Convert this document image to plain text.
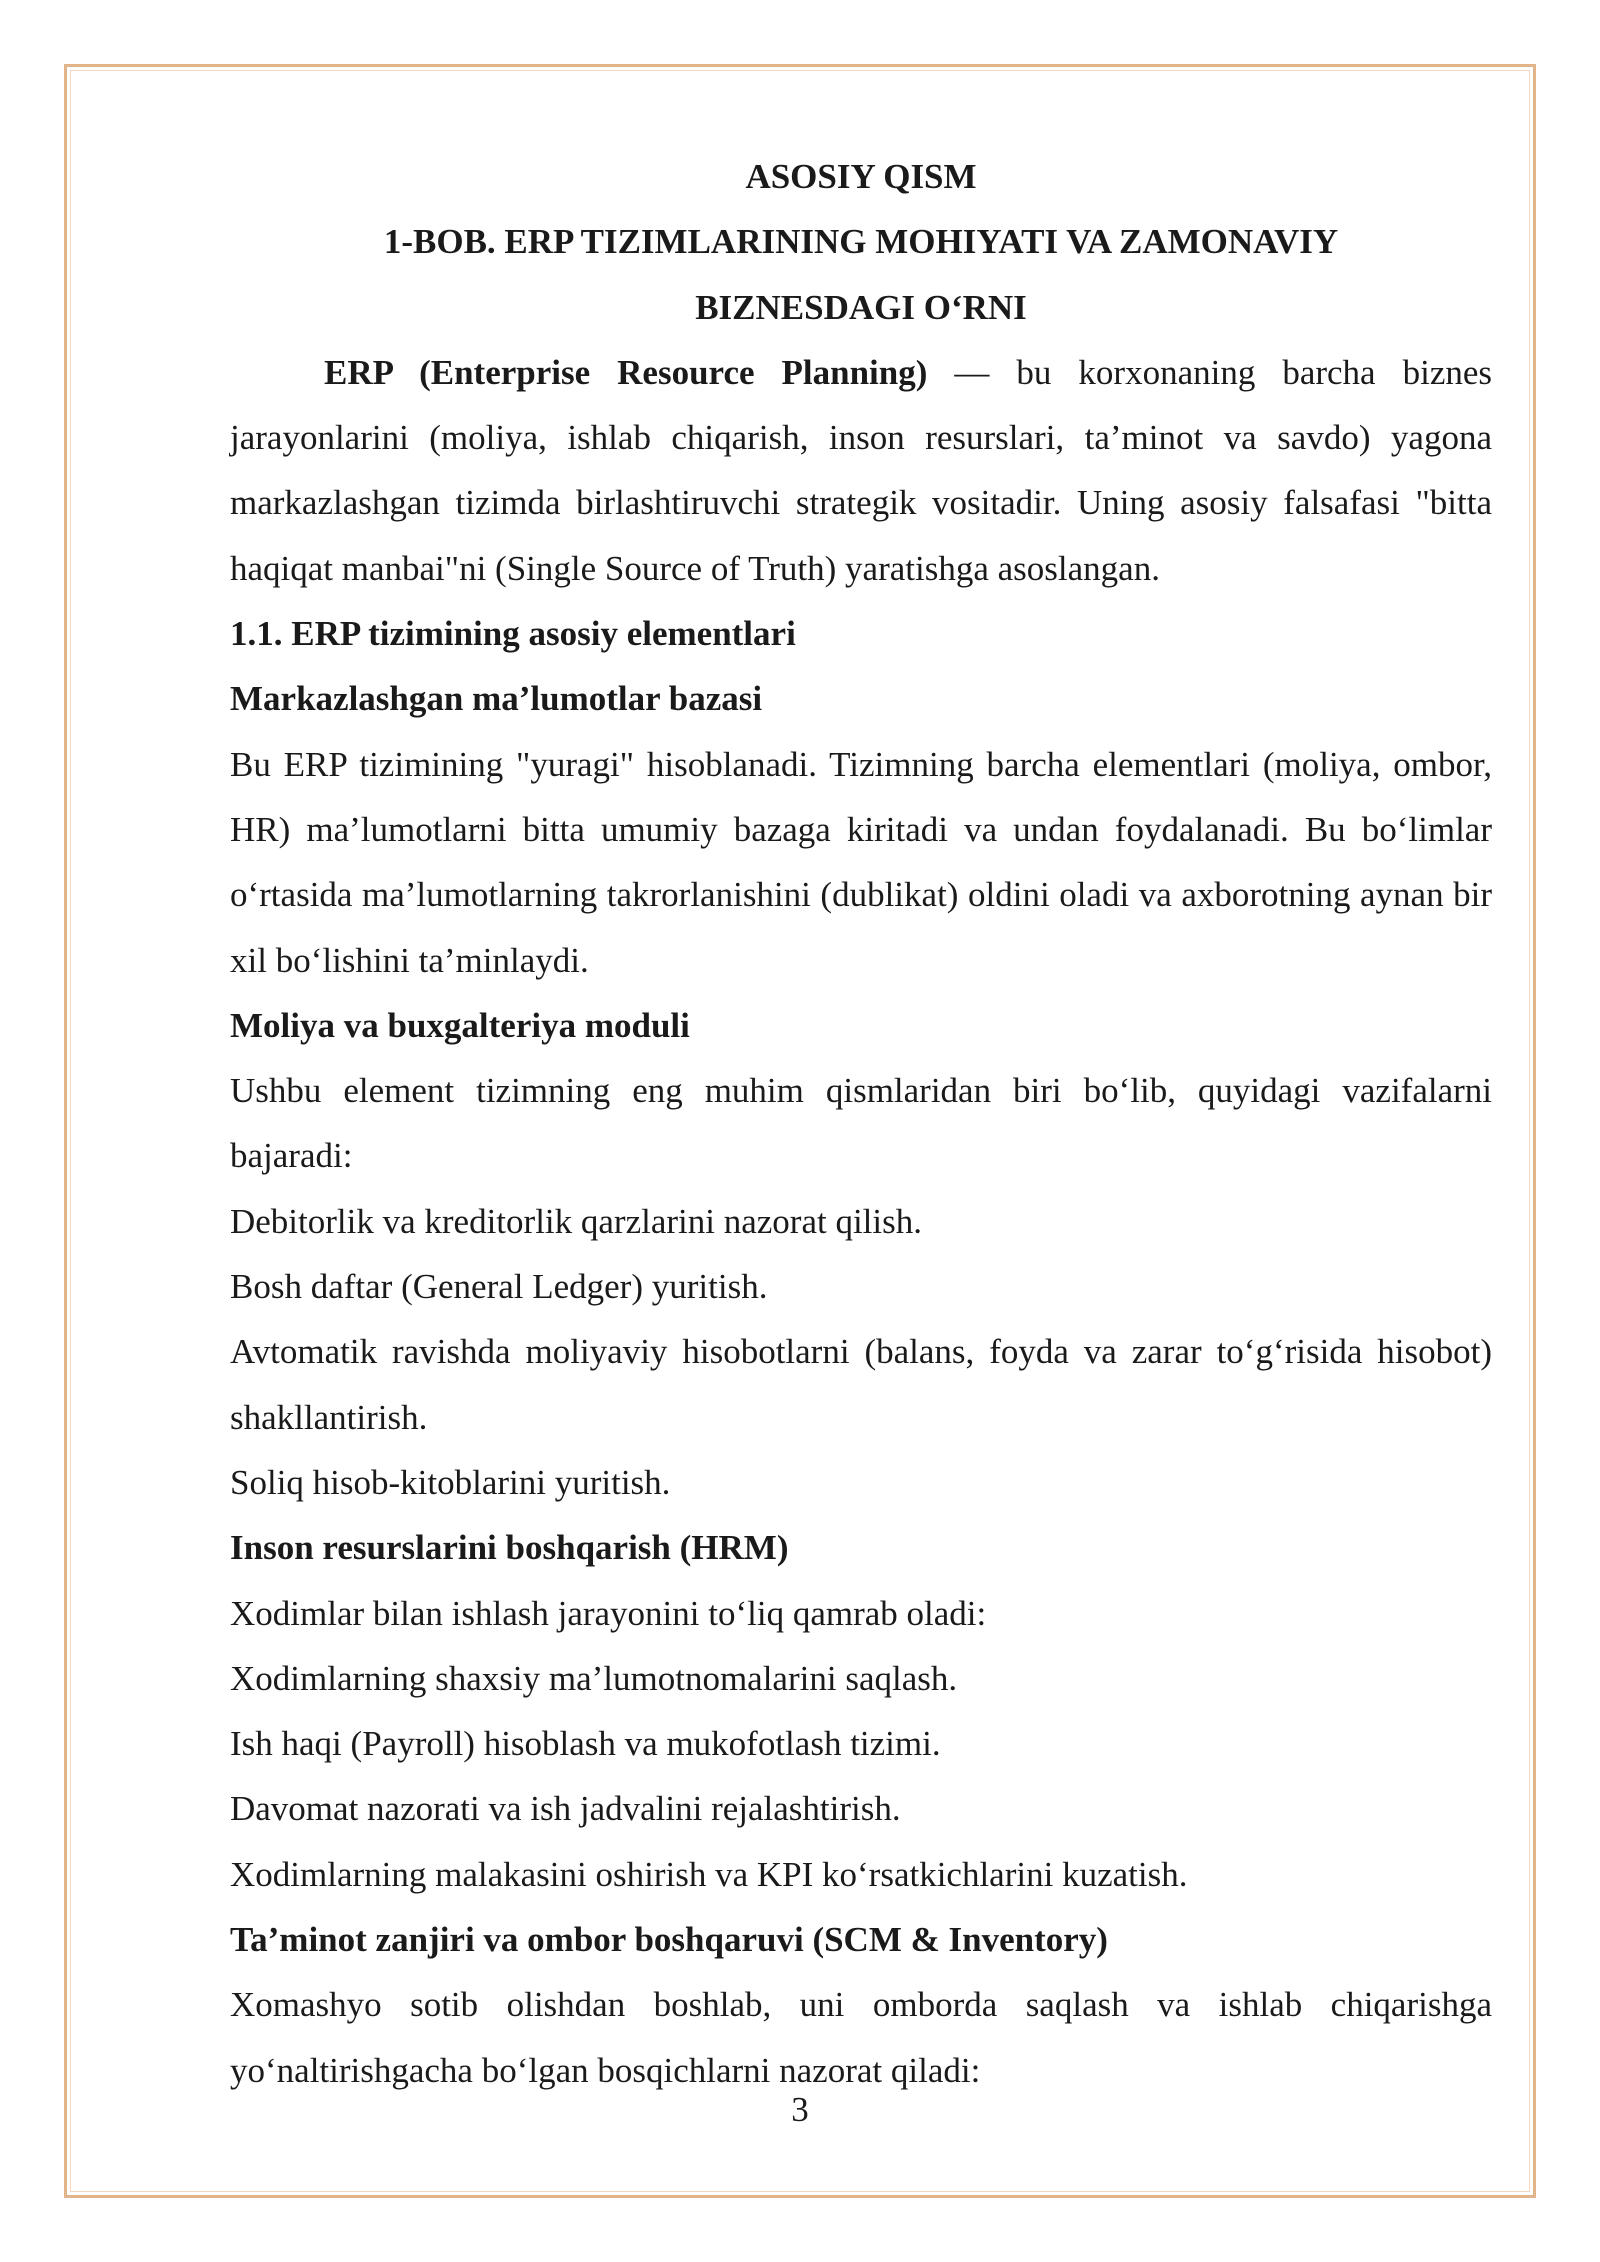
ASOSIY QISM
1-BOB. ERP TIZIMLARINING MOHIYATI VA ZAMONAVIY
BIZNESDAGI O‘RNI

ERP (Enterprise Resource Planning) — bu korxonaning barcha biznes jarayonlarini (moliya, ishlab chiqarish, inson resurslari, ta’minot va savdo) yagona markazlashgan tizimda birlashtiruvchi strategik vositadir. Uning asosiy falsafasi "bitta haqiqat manbai"ni (Single Source of Truth) yaratishga asoslangan.

1.1. ERP tizimining asosiy elementlari
Markazlashgan ma’lumotlar bazasi

Bu ERP tizimining "yuragi" hisoblanadi. Tizimning barcha elementlari (moliya, ombor, HR) ma’lumotlarni bitta umumiy bazaga kiritadi va undan foydalanadi. Bu bo‘limlar o‘rtasida ma’lumotlarning takrorlanishini (dublikat) oldini oladi va axborotning aynan bir xil bo‘lishini ta’minlaydi.

Moliya va buxgalteriya moduli

Ushbu element tizimning eng muhim qismlaridan biri bo‘lib, quyidagi vazifalarni bajaradi:

Debitorlik va kreditorlik qarzlarini nazorat qilish.

Bosh daftar (General Ledger) yuritish.

Avtomatik ravishda moliyaviy hisobotlarni (balans, foyda va zarar to‘g‘risida hisobot) shakllantirish.

Soliq hisob-kitoblarini yuritish.

Inson resurslarini boshqarish (HRM)

Xodimlar bilan ishlash jarayonini to‘liq qamrab oladi:

Xodimlarning shaxsiy ma’lumotnomalarini saqlash.

Ish haqi (Payroll) hisoblash va mukofotlash tizimi.

Davomat nazorati va ish jadvalini rejalashtirish.

Xodimlarning malakasini oshirish va KPI ko‘rsatkichlarini kuzatish.

Ta’minot zanjiri va ombor boshqaruvi (SCM & Inventory)

Xomashyo sotib olishdan boshlab, uni omborda saqlash va ishlab chiqarishga yo‘naltirishgacha bo‘lgan bosqichlarni nazorat qiladi:

3
